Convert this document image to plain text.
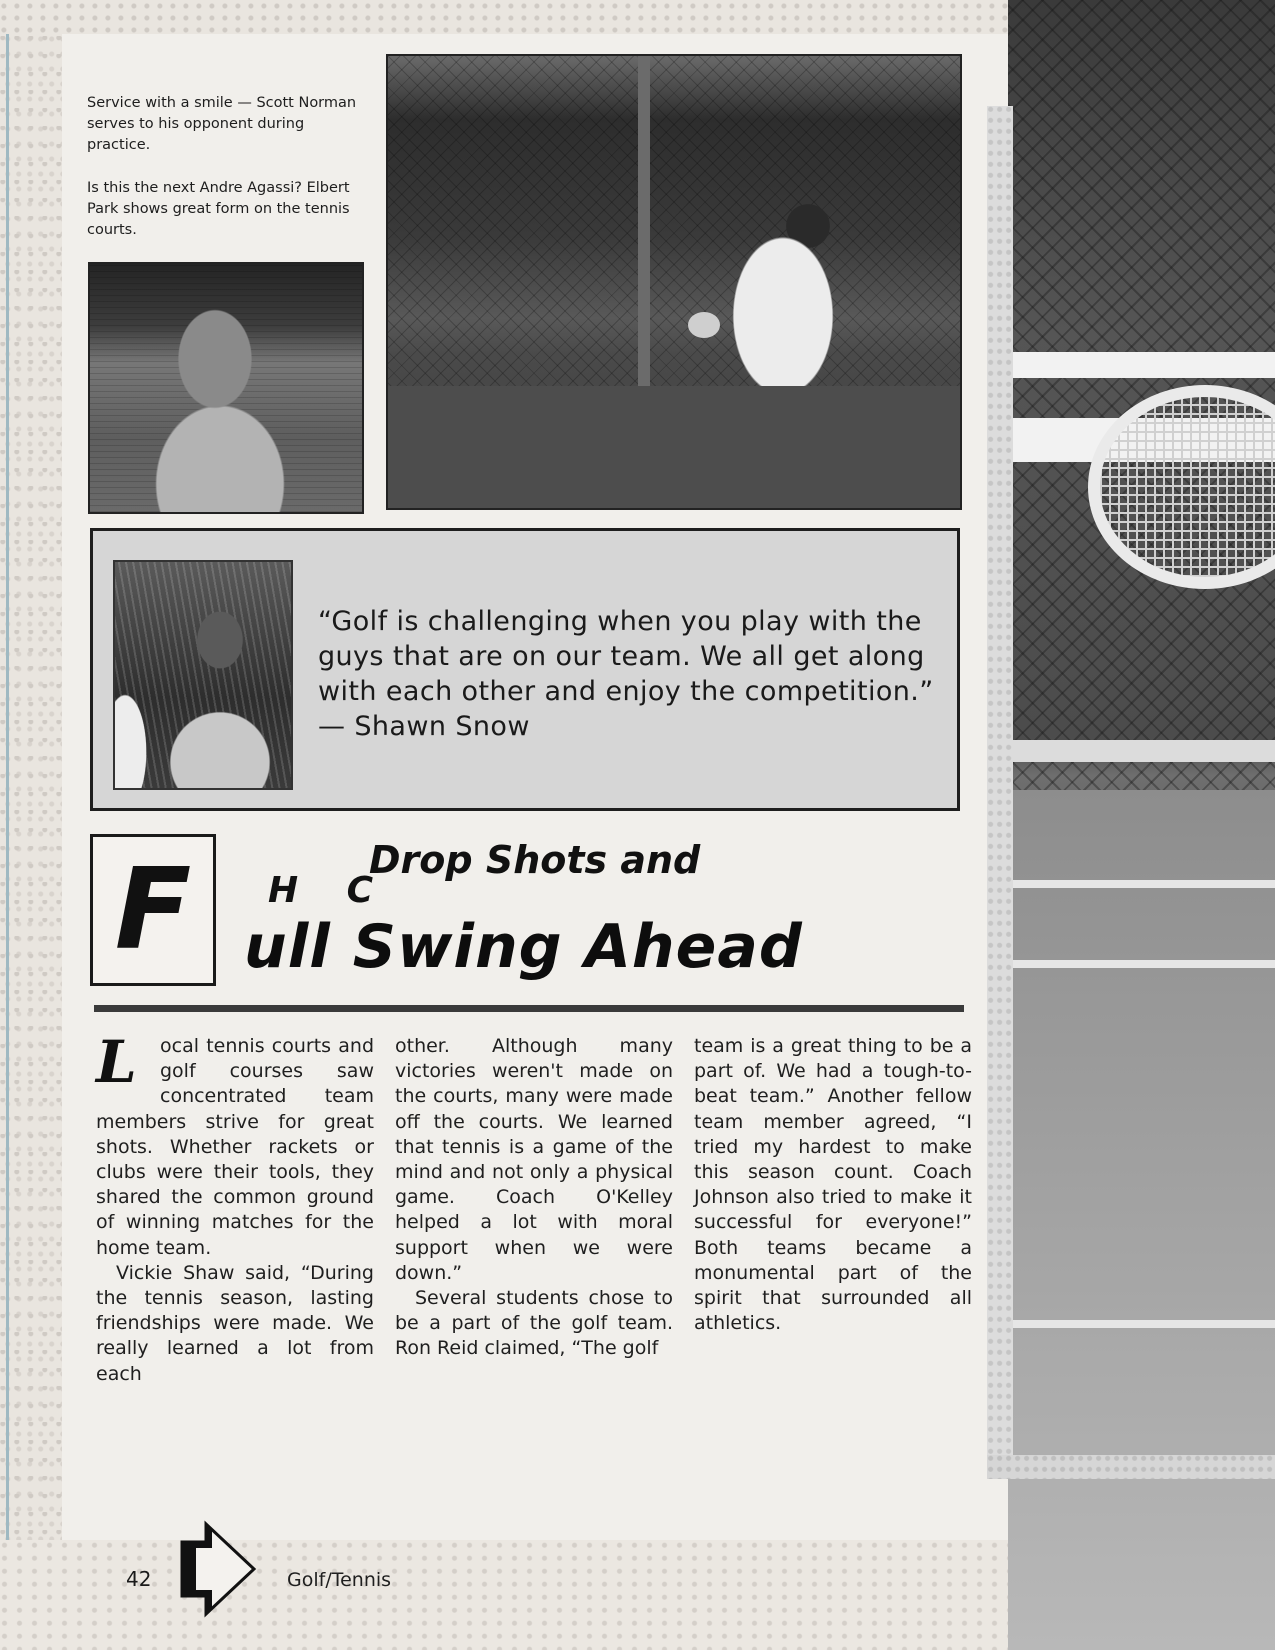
Service with a smile — Scott Norman serves to his opponent during practice.
Is this the next Andre Agassi? Elbert Park shows great form on the tennis courts.
“Golf is challenging when you play with the guys that are on our team. We all get along with each other and enjoy the competition.”
— Shawn Snow
F	H C
Drop Shots and
ull Swing Ahead

L	ocal tennis courts and golf courses saw concentrated team members strive for great shots. Whether rackets or clubs were their tools, they shared the common ground of winning matches for the home team.

Vickie Shaw said, “During the tennis season, lasting friendships were made. We really learned a lot from each

other. Although many victories weren't made on the courts, many were made off the courts. We learned that tennis is a game of the mind and not only a physical game. Coach O'Kelley helped a lot with moral support when we were down.”

Several students chose to be a part of the golf team. Ron Reid claimed, “The golf

team is a great thing to be a part of. We had a tough-to-beat team.” Another fellow team member agreed, “I tried my hardest to make this season count. Coach Johnson also tried to make it successful for everyone!” Both teams became a monumental part of the spirit that surrounded all athletics.

42	Golf/Tennis
